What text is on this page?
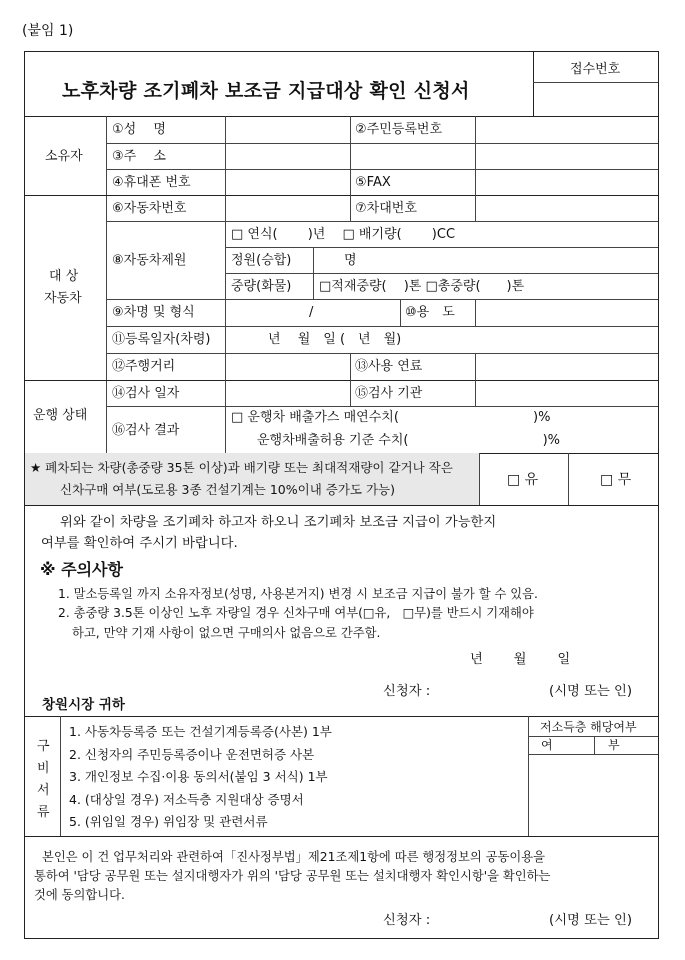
(붙임 1)
노후차량 조기폐차 보조금 지급대상 확인 신청서
접수번호
소유자
①성　 명	②주민등록번호
③주　 소
④휴대폰 번호	⑤FAX
대 상
자동차
⑥자동차번호	⑦차대번호
⑧자동차제원
□ 연식(　　 )년　 □ 배기량(　　 )CC
정원(승합)	명
중량(화물) □적재중량(　 )톤 □총중량(　　)톤
⑨차명 및 형식	/	⑩용　도
⑪등록일자(차령)	년　 월　일 (　년　월)
⑫주행거리	⑬사용 연료
운행 상태
⑭검사 일자	⑮검사 기관
⑯검사 결과
□ 운행차 배출가스 매연수치(　　　　　　　　　　 )%
운행차배출허용 기준 수치(　　　　　　　　　　 )%
★ 폐차되는 차량(총중량 35톤 이상)과 배기량 또는 최대적재량이 같거나 작은
신차구매 여부(도로용 3종 건설기계는 10%이내 증가도 가능)
□ 유	□ 무
위와 같이 차량을 조기폐차 하고자 하오니 조기폐차 보조금 지급이 가능한지
여부를 확인하여 주시기 바랍니다.
※ 주의사항
1. 말소등록일 까지 소유자정보(성명, 사용본거지) 변경 시 보조금 지급이 불가 할 수 있음.
2. 총중량 3.5톤 이상인 노후 자량일 경우 신차구매 여부(□유,　□무)를 반드시 기재해야
하고, 만약 기재 사항이 없으면 구매의사 없음으로 간주함.
년　　 월　　 일
신청자 :	(시명 또는 인)
창원시장 귀하
구
비
서
류
1. 사동차등록증 또는 건설기계등록증(사본) 1부
2. 신청자의 주민등록증이나 운전면허증 사본
3. 개인정보 수집·이용 동의서(붙임 3 서식) 1부
4. (대상일 경우) 저소득층 지원대상 증명서
5. (위임일 경우) 위임장 및 관련서류
저소득층 해당여부
여	부
본인은 이 건 업무처리와 관련하여「진사정부법」제21조제1항에 따른 행정정보의 공동이용을
통하여 '담당 공무원 또는 설지대행자가 위의 '담당 공무원 또는 설치대행자 확인시항'을 확인하는
것에 동의합니다.
신청자 :	(시명 또는 인)
